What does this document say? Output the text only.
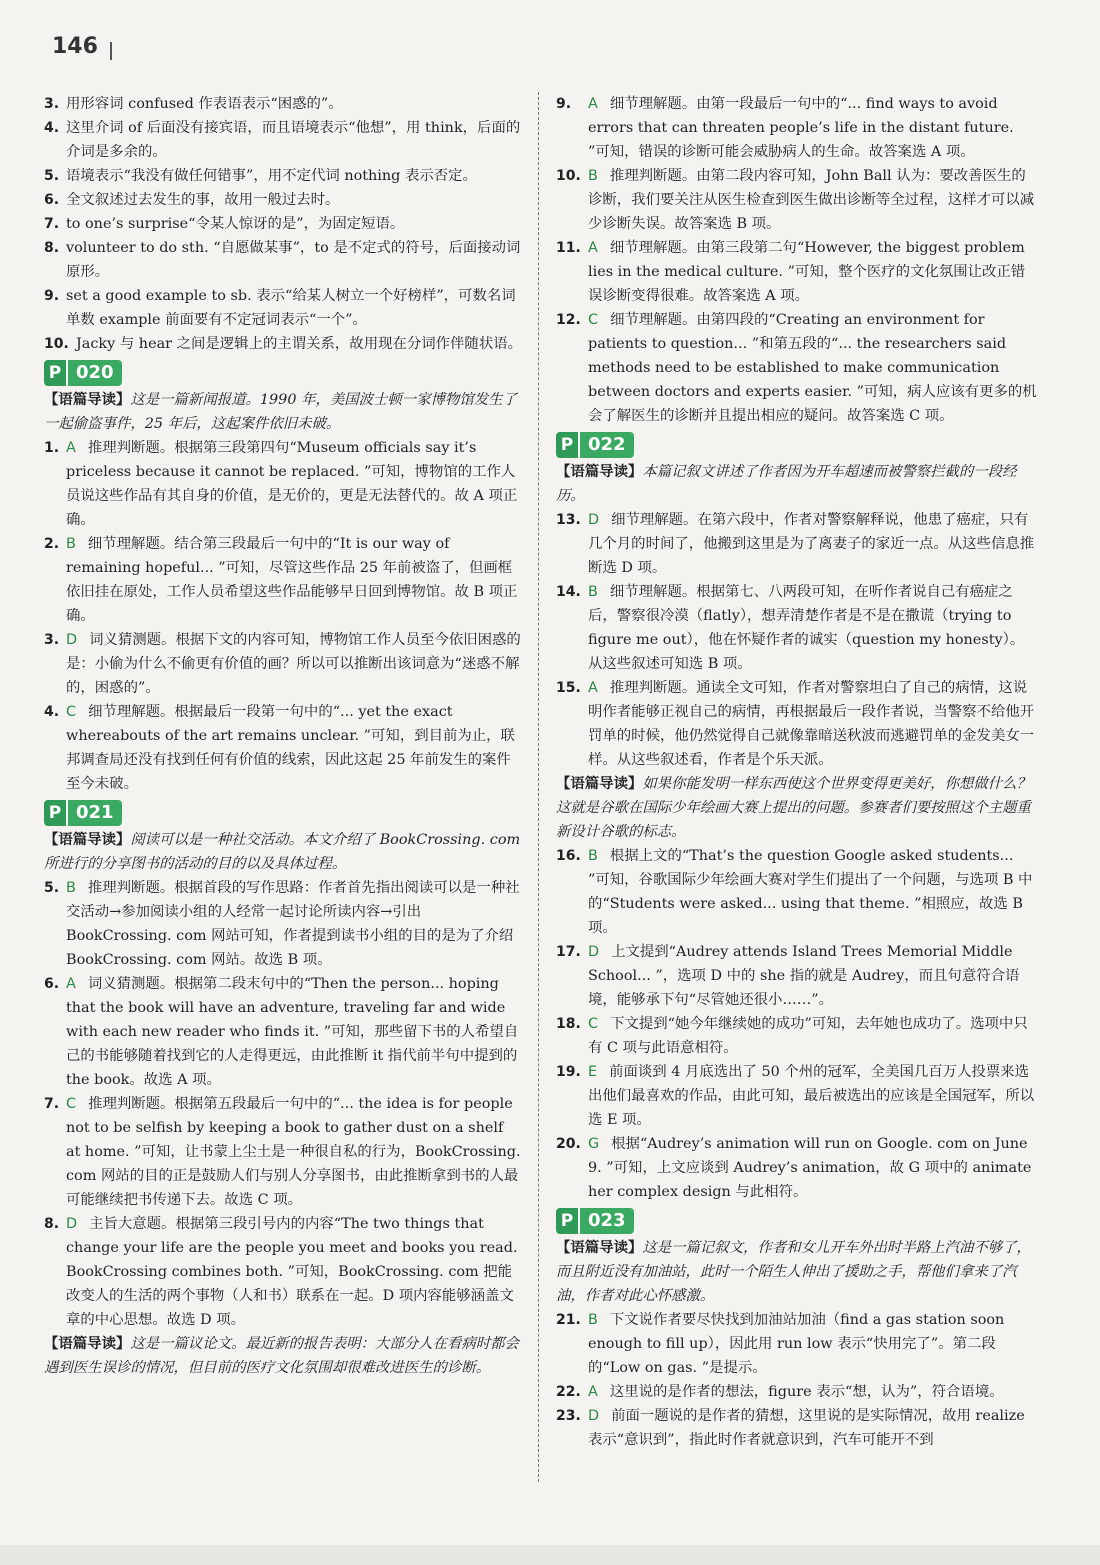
146

3. 用形容词 confused 作表语表示“困惑的”。

4. 这里介词 of 后面没有接宾语，而且语境表示“他想”，用 think，后面的介词是多余的。

5. 语境表示“我没有做任何错事”，用不定代词 nothing 表示否定。

6. 全文叙述过去发生的事，故用一般过去时。

7. to one’s surprise“令某人惊讶的是”，为固定短语。

8. volunteer to do sth. “自愿做某事”，to 是不定式的符号，后面接动词原形。

9. set a good example to sb. 表示“给某人树立一个好榜样”，可数名词单数 example 前面要有不定冠词表示“一个”。

10. Jacky 与 hear 之间是逻辑上的主谓关系，故用现在分词作伴随状语。

P 020

【语篇导读】这是一篇新闻报道。1990 年，美国波士顿一家博物馆发生了一起偷盗事件，25 年后，这起案件依旧未破。

1. A 推理判断题。根据第三段第四句“Museum officials say it’s priceless because it cannot be replaced. ”可知，博物馆的工作人员说这些作品有其自身的价值，是无价的，更是无法替代的。故 A 项正确。

2. B 细节理解题。结合第三段最后一句中的“It is our way of remaining hopeful... ”可知，尽管这些作品 25 年前被盗了，但画框依旧挂在原处，工作人员希望这些作品能够早日回到博物馆。故 B 项正确。

3. D 词义猜测题。根据下文的内容可知，博物馆工作人员至今依旧困惑的是：小偷为什么不偷更有价值的画？所以可以推断出该词意为“迷惑不解的，困惑的”。

4. C 细节理解题。根据最后一段第一句中的“... yet the exact whereabouts of the art remains unclear. ”可知，到目前为止，联邦调查局还没有找到任何有价值的线索，因此这起 25 年前发生的案件至今未破。

P 021

【语篇导读】阅读可以是一种社交活动。本文介绍了 BookCrossing. com 所进行的分享图书的活动的目的以及具体过程。

5. B 推理判断题。根据首段的写作思路：作者首先指出阅读可以是一种社交活动→参加阅读小组的人经常一起讨论所读内容→引出 BookCrossing. com 网站可知，作者提到读书小组的目的是为了介绍 BookCrossing. com 网站。故选 B 项。

6. A 词义猜测题。根据第二段末句中的“Then the person... hoping that the book will have an adventure, traveling far and wide with each new reader who finds it. ”可知，那些留下书的人希望自己的书能够随着找到它的人走得更远，由此推断 it 指代前半句中提到的 the book。故选 A 项。

7. C 推理判断题。根据第五段最后一句中的“... the idea is for people not to be selfish by keeping a book to gather dust on a shelf at home. ”可知，让书蒙上尘土是一种很自私的行为，BookCrossing. com 网站的目的正是鼓励人们与别人分享图书，由此推断拿到书的人最可能继续把书传递下去。故选 C 项。

8. D 主旨大意题。根据第三段引号内的内容“The two things that change your life are the people you meet and books you read. BookCrossing combines both. ”可知，BookCrossing. com 把能改变人的生活的两个事物（人和书）联系在一起。D 项内容能够涵盖文章的中心思想。故选 D 项。

【语篇导读】这是一篇议论文。最近新的报告表明：大部分人在看病时都会遇到医生误诊的情况，但目前的医疗文化氛围却很难改进医生的诊断。

9. A 细节理解题。由第一段最后一句中的“... find ways to avoid errors that can threaten people’s life in the distant future. ”可知，错误的诊断可能会威胁病人的生命。故答案选 A 项。

10. B 推理判断题。由第二段内容可知，John Ball 认为：要改善医生的诊断，我们要关注从医生检查到医生做出诊断等全过程，这样才可以减少诊断失误。故答案选 B 项。

11. A 细节理解题。由第三段第二句“However, the biggest problem lies in the medical culture. ”可知，整个医疗的文化氛围让改正错误诊断变得很难。故答案选 A 项。

12. C 细节理解题。由第四段的“Creating an environment for patients to question... ”和第五段的“... the researchers said methods need to be established to make communication between doctors and experts easier. ”可知，病人应该有更多的机会了解医生的诊断并且提出相应的疑问。故答案选 C 项。

P 022

【语篇导读】本篇记叙文讲述了作者因为开车超速而被警察拦截的一段经历。

13. D 细节理解题。在第六段中，作者对警察解释说，他患了癌症，只有几个月的时间了，他搬到这里是为了离妻子的家近一点。从这些信息推断选 D 项。

14. B 细节理解题。根据第七、八两段可知，在听作者说自己有癌症之后，警察很冷漠（flatly），想弄清楚作者是不是在撒谎（trying to figure me out），他在怀疑作者的诚实（question my honesty）。从这些叙述可知选 B 项。

15. A 推理判断题。通读全文可知，作者对警察坦白了自己的病情，这说明作者能够正视自己的病情，再根据最后一段作者说，当警察不给他开罚单的时候，他仍然觉得自己就像靠暗送秋波而逃避罚单的金发美女一样。从这些叙述看，作者是个乐天派。

【语篇导读】如果你能发明一样东西使这个世界变得更美好，你想做什么？这就是谷歌在国际少年绘画大赛上提出的问题。参赛者们要按照这个主题重新设计谷歌的标志。

16. B 根据上文的“That’s the question Google asked students... ”可知，谷歌国际少年绘画大赛对学生们提出了一个问题，与选项 B 中的“Students were asked... using that theme. ”相照应，故选 B 项。

17. D 上文提到“Audrey attends Island Trees Memorial Middle School... ”，选项 D 中的 she 指的就是 Audrey，而且句意符合语境，能够承下句“尽管她还很小……”。

18. C 下文提到“她今年继续她的成功”可知，去年她也成功了。选项中只有 C 项与此语意相符。

19. E 前面谈到 4 月底选出了 50 个州的冠军，全美国几百万人投票来选出他们最喜欢的作品，由此可知，最后被选出的应该是全国冠军，所以选 E 项。

20. G 根据“Audrey’s animation will run on Google. com on June 9. ”可知，上文应谈到 Audrey’s animation，故 G 项中的 animate her complex design 与此相符。

P 023

【语篇导读】这是一篇记叙文，作者和女儿开车外出时半路上汽油不够了，而且附近没有加油站，此时一个陌生人伸出了援助之手，帮他们拿来了汽油，作者对此心怀感激。

21. B 下文说作者要尽快找到加油站加油（find a gas station soon enough to fill up），因此用 run low 表示“快用完了”。第二段的“Low on gas. ”是提示。

22. A 这里说的是作者的想法，figure 表示“想，认为”，符合语境。

23. D 前面一题说的是作者的猜想，这里说的是实际情况，故用 realize 表示“意识到”，指此时作者就意识到，汽车可能开不到
